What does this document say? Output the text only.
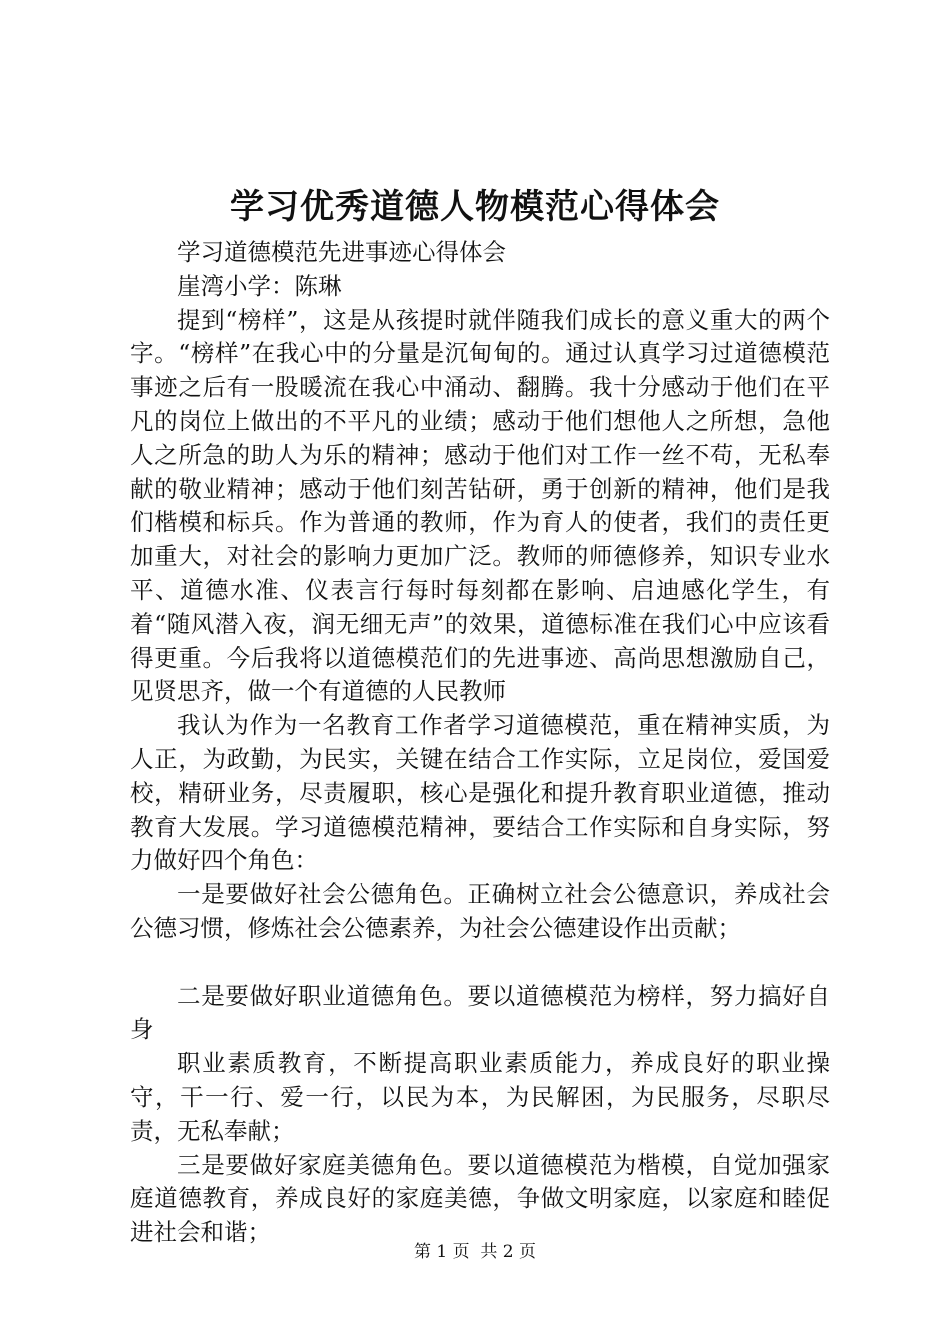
学习优秀道德人物模范心得体会

学习道德模范先进事迹心得体会

崖湾小学：陈琳

提到“榜样”，这是从孩提时就伴随我们成长的意义重大的两个字。“榜样”在我心中的分量是沉甸甸的。通过认真学习过道德模范事迹之后有一股暖流在我心中涌动、翻腾。我十分感动于他们在平凡的岗位上做出的不平凡的业绩；感动于他们想他人之所想，急他人之所急的助人为乐的精神；感动于他们对工作一丝不苟，无私奉献的敬业精神；感动于他们刻苦钻研，勇于创新的精神，他们是我们楷模和标兵。作为普通的教师，作为育人的使者，我们的责任更加重大，对社会的影响力更加广泛。教师的师德修养，知识专业水平、道德水准、仪表言行每时每刻都在影响、启迪感化学生，有着“随风潜入夜，润无细无声”的效果，道德标准在我们心中应该看得更重。今后我将以道德模范们的先进事迹、高尚思想激励自己，见贤思齐，做一个有道德的人民教师

我认为作为一名教育工作者学习道德模范，重在精神实质，为人正，为政勤，为民实，关键在结合工作实际，立足岗位，爱国爱校，精研业务，尽责履职，核心是强化和提升教育职业道德，推动教育大发展。学习道德模范精神，要结合工作实际和自身实际，努力做好四个角色：

一是要做好社会公德角色。正确树立社会公德意识，养成社会公德习惯，修炼社会公德素养，为社会公德建设作出贡献；

二是要做好职业道德角色。要以道德模范为榜样，努力搞好自身

职业素质教育，不断提高职业素质能力，养成良好的职业操守，干一行、爱一行，以民为本，为民解困，为民服务，尽职尽责，无私奉献；

三是要做好家庭美德角色。要以道德模范为楷模，自觉加强家庭道德教育，养成良好的家庭美德，争做文明家庭，以家庭和睦促进社会和谐；

第 1 页 共 2 页
